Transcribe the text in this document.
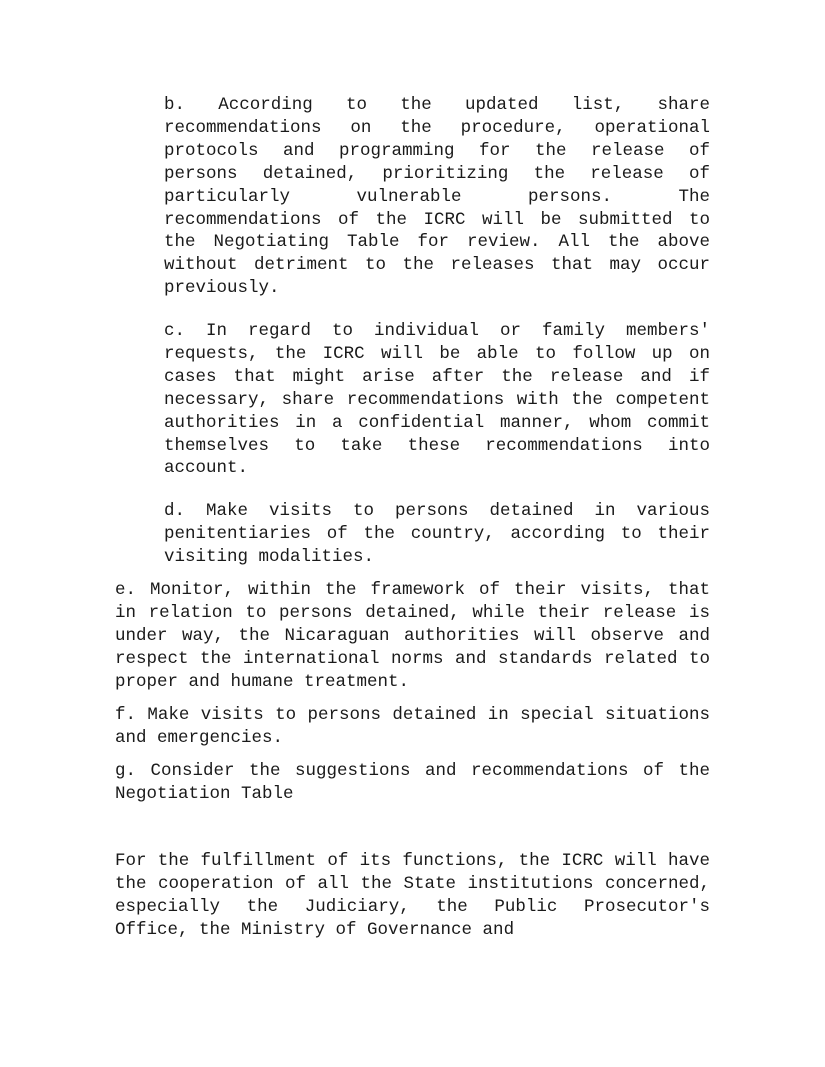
b. According to the updated list, share recommendations on the procedure, operational protocols and programming for the release of persons detained, prioritizing the release of particularly vulnerable persons. The recommendations of the ICRC will be submitted to the Negotiating Table for review. All the above without detriment to the releases that may occur previously.

c. In regard to individual or family members' requests, the ICRC will be able to follow up on cases that might arise after the release and if necessary, share recommendations with the competent authorities in a confidential manner, whom commit themselves to take these recommendations into account.

d. Make visits to persons detained in various penitentiaries of the country, according to their visiting modalities.

e. Monitor, within the framework of their visits, that in relation to persons detained, while their release is under way, the Nicaraguan authorities will observe and respect the international norms and standards related to proper and humane treatment.

f. Make visits to persons detained in special situations and emergencies.

g. Consider the suggestions and recommendations of the Negotiation Table

For the fulfillment of its functions, the ICRC will have the cooperation of all the State institutions concerned, especially the Judiciary, the Public Prosecutor's Office, the Ministry of Governance and
